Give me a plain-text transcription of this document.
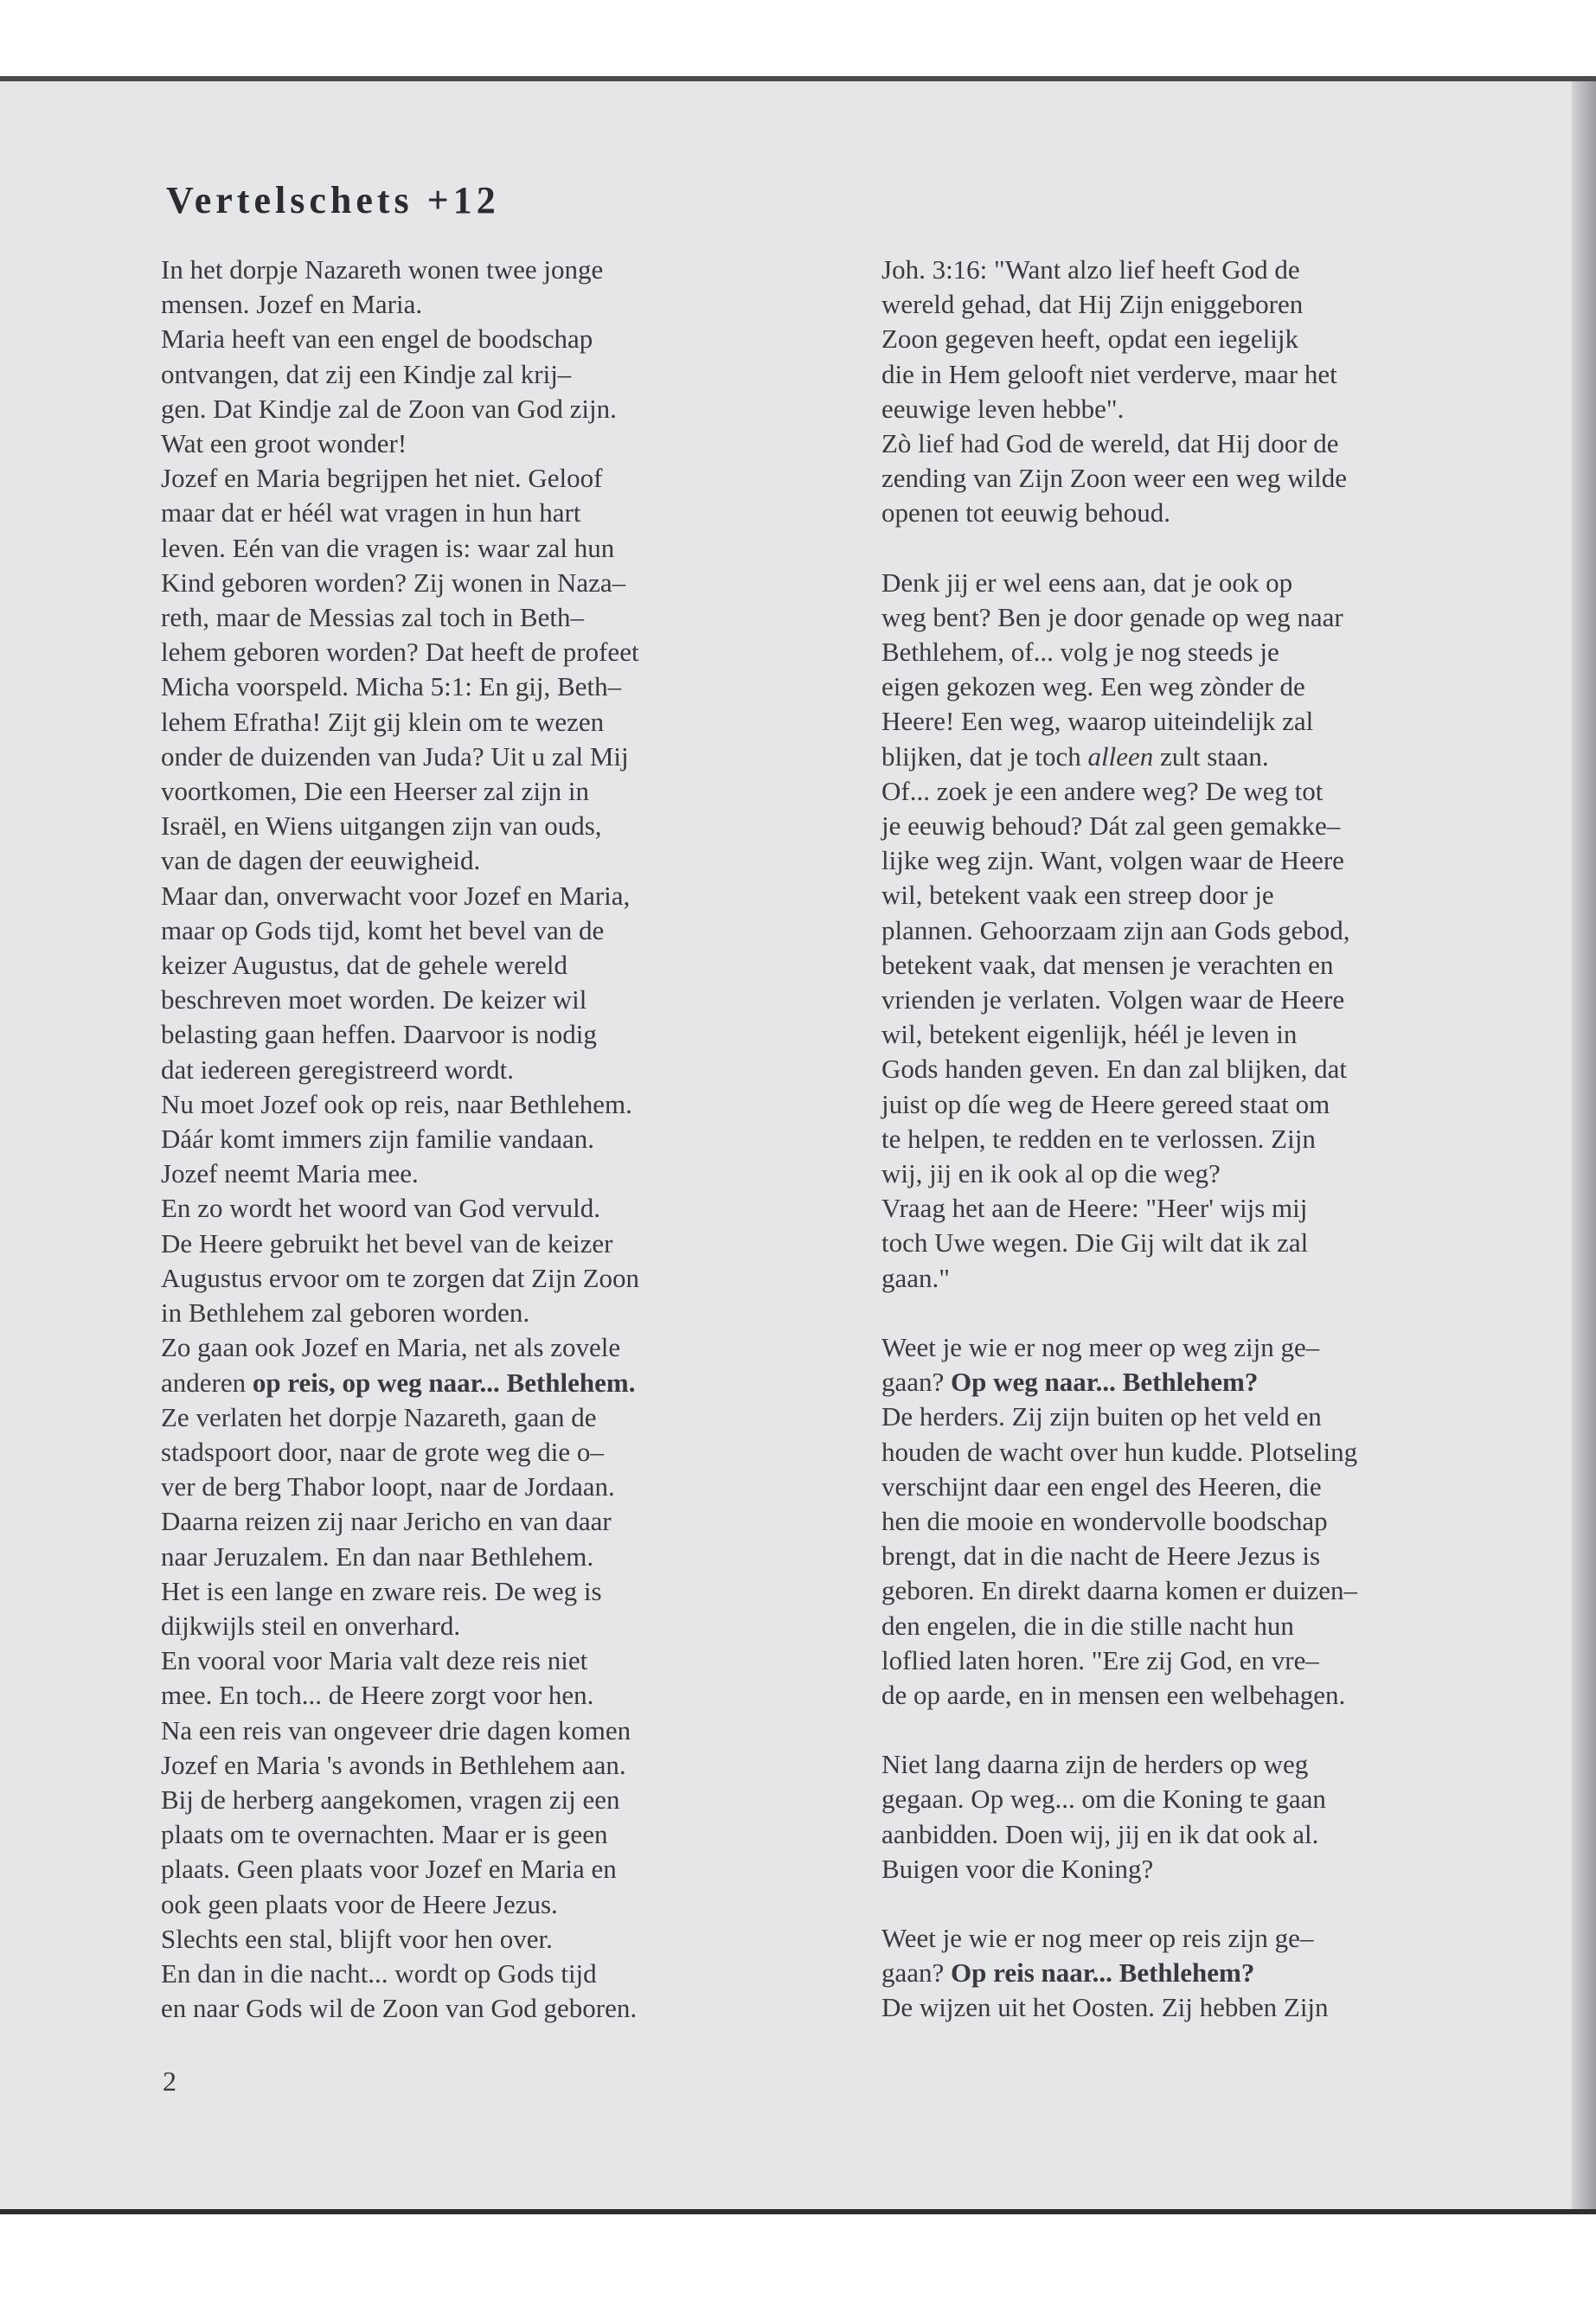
Vertelschets +12
In het dorpje Nazareth wonen twee jonge
mensen. Jozef en Maria.
Maria heeft van een engel de boodschap
ontvangen, dat zij een Kindje zal krij–
gen. Dat Kindje zal de Zoon van God zijn.
Wat een groot wonder!
Jozef en Maria begrijpen het niet. Geloof
maar dat er héél wat vragen in hun hart
leven. Eén van die vragen is: waar zal hun
Kind geboren worden? Zij wonen in Naza–
reth, maar de Messias zal toch in Beth–
lehem geboren worden? Dat heeft de profeet
Micha voorspeld. Micha 5:1: En gij, Beth–
lehem Efratha! Zijt gij klein om te wezen
onder de duizenden van Juda? Uit u zal Mij
voortkomen, Die een Heerser zal zijn in
Israël, en Wiens uitgangen zijn van ouds,
van de dagen der eeuwigheid.
Maar dan, onverwacht voor Jozef en Maria,
maar op Gods tijd, komt het bevel van de
keizer Augustus, dat de gehele wereld
beschreven moet worden. De keizer wil
belasting gaan heffen. Daarvoor is nodig
dat iedereen geregistreerd wordt.
Nu moet Jozef ook op reis, naar Bethlehem.
Dáár komt immers zijn familie vandaan.
Jozef neemt Maria mee.
En zo wordt het woord van God vervuld.
De Heere gebruikt het bevel van de keizer
Augustus ervoor om te zorgen dat Zijn Zoon
in Bethlehem zal geboren worden.
Zo gaan ook Jozef en Maria, net als zovele
anderen op reis, op weg naar... Bethlehem.
Ze verlaten het dorpje Nazareth, gaan de
stadspoort door, naar de grote weg die o–
ver de berg Thabor loopt, naar de Jordaan.
Daarna reizen zij naar Jericho en van daar
naar Jeruzalem. En dan naar Bethlehem.
Het is een lange en zware reis. De weg is
dijkwijls steil en onverhard.
En vooral voor Maria valt deze reis niet
mee. En toch... de Heere zorgt voor hen.
Na een reis van ongeveer drie dagen komen
Jozef en Maria 's avonds in Bethlehem aan.
Bij de herberg aangekomen, vragen zij een
plaats om te overnachten. Maar er is geen
plaats. Geen plaats voor Jozef en Maria en
ook geen plaats voor de Heere Jezus.
Slechts een stal, blijft voor hen over.
En dan in die nacht... wordt op Gods tijd
en naar Gods wil de Zoon van God geboren.
Joh. 3:16: "Want alzo lief heeft God de
wereld gehad, dat Hij Zijn eniggeboren
Zoon gegeven heeft, opdat een iegelijk
die in Hem gelooft niet verderve, maar het
eeuwige leven hebbe".
Zò lief had God de wereld, dat Hij door de
zending van Zijn Zoon weer een weg wilde
openen tot eeuwig behoud.
Denk jij er wel eens aan, dat je ook op
weg bent? Ben je door genade op weg naar
Bethlehem, of... volg je nog steeds je
eigen gekozen weg. Een weg zònder de
Heere! Een weg, waarop uiteindelijk zal
blijken, dat je toch alleen zult staan.
Of... zoek je een andere weg? De weg tot
je eeuwig behoud? Dát zal geen gemakke–
lijke weg zijn. Want, volgen waar de Heere
wil, betekent vaak een streep door je
plannen. Gehoorzaam zijn aan Gods gebod,
betekent vaak, dat mensen je verachten en
vrienden je verlaten. Volgen waar de Heere
wil, betekent eigenlijk, héél je leven in
Gods handen geven. En dan zal blijken, dat
juist op díe weg de Heere gereed staat om
te helpen, te redden en te verlossen. Zijn
wij, jij en ik ook al op die weg?
Vraag het aan de Heere: "Heer' wijs mij
toch Uwe wegen. Die Gij wilt dat ik zal
gaan."
Weet je wie er nog meer op weg zijn ge–
gaan? Op weg naar... Bethlehem?
De herders. Zij zijn buiten op het veld en
houden de wacht over hun kudde. Plotseling
verschijnt daar een engel des Heeren, die
hen die mooie en wondervolle boodschap
brengt, dat in die nacht de Heere Jezus is
geboren. En direkt daarna komen er duizen–
den engelen, die in die stille nacht hun
loflied laten horen. "Ere zij God, en vre–
de op aarde, en in mensen een welbehagen.
Niet lang daarna zijn de herders op weg
gegaan. Op weg... om die Koning te gaan
aanbidden. Doen wij, jij en ik dat ook al.
Buigen voor die Koning?
Weet je wie er nog meer op reis zijn ge–
gaan? Op reis naar... Bethlehem?
De wijzen uit het Oosten. Zij hebben Zijn
2
